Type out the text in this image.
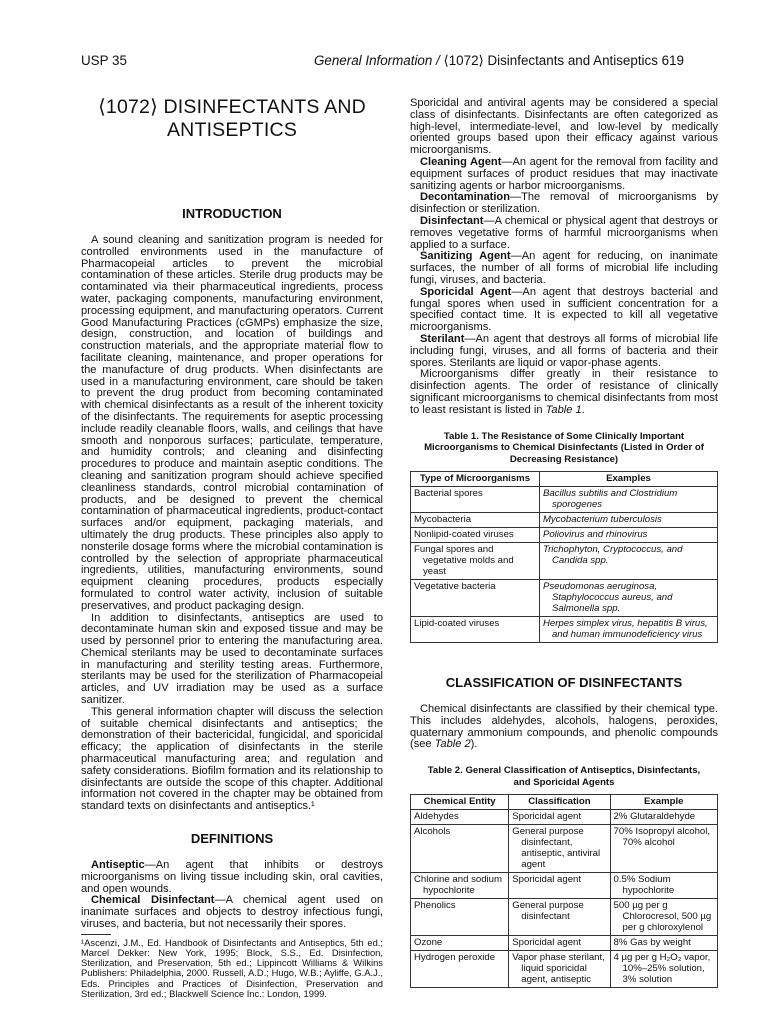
USP 35	General Information / ⟨1072⟩ Disinfectants and Antiseptics 619
⟨1072⟩ DISINFECTANTS AND
ANTISEPTICS
INTRODUCTION

A sound cleaning and sanitization program is needed for controlled environments used in the manufacture of Pharmacopeial articles to prevent the microbial contamination of these articles. Sterile drug products may be contaminated via their pharmaceutical ingredients, process water, packaging components, manufacturing environment, processing equipment, and manufacturing operators. Current Good Manufacturing Practices (cGMPs) emphasize the size, design, construction, and location of buildings and construction materials, and the appropriate material flow to facilitate cleaning, maintenance, and proper operations for the manufacture of drug products. When disinfectants are used in a manufacturing environment, care should be taken to prevent the drug product from becoming contaminated with chemical disinfectants as a result of the inherent toxicity of the disinfectants. The requirements for aseptic processing include readily cleanable floors, walls, and ceilings that have smooth and nonporous surfaces; particulate, temperature, and humidity controls; and cleaning and disinfecting procedures to produce and maintain aseptic conditions. The cleaning and sanitization program should achieve specified cleanliness standards, control microbial contamination of products, and be designed to prevent the chemical contamination of pharmaceutical ingredients, product-contact surfaces and/or equipment, packaging materials, and ultimately the drug products. These principles also apply to nonsterile dosage forms where the microbial contamination is controlled by the selection of appropriate pharmaceutical ingredients, utilities, manufacturing environments, sound equipment cleaning procedures, products especially formulated to control water activity, inclusion of suitable preservatives, and product packaging design.

In addition to disinfectants, antiseptics are used to decontaminate human skin and exposed tissue and may be used by personnel prior to entering the manufacturing area. Chemical sterilants may be used to decontaminate surfaces in manufacturing and sterility testing areas. Furthermore, sterilants may be used for the sterilization of Pharmacopeial articles, and UV irradiation may be used as a surface sanitizer.

This general information chapter will discuss the selection of suitable chemical disinfectants and antiseptics; the demonstration of their bactericidal, fungicidal, and sporicidal efficacy; the application of disinfectants in the sterile pharmaceutical manufacturing area; and regulation and safety considerations. Biofilm formation and its relationship to disinfectants are outside the scope of this chapter. Additional information not covered in the chapter may be obtained from standard texts on disinfectants and antiseptics.¹

DEFINITIONS

Antiseptic—An agent that inhibits or destroys microorganisms on living tissue including skin, oral cavities, and open wounds.

Chemical Disinfectant—A chemical agent used on inanimate surfaces and objects to destroy infectious fungi, viruses, and bacteria, but not necessarily their spores.

¹Ascenzi, J.M., Ed. Handbook of Disinfectants and Antiseptics, 5th ed.; Marcel Dekker: New York, 1995; Block, S.S., Ed. Disinfection, Sterilization, and Preservation, 5th ed.; Lippincott Williams & Wilkins Publishers: Philadelphia, 2000. Russell, A.D.; Hugo, W.B.; Ayliffe, G.A.J., Eds. Principles and Practices of Disinfection, Preservation and Sterilization, 3rd ed.; Blackwell Science Inc.: London, 1999.

Sporicidal and antiviral agents may be considered a special class of disinfectants. Disinfectants are often categorized as high-level, intermediate-level, and low-level by medically oriented groups based upon their efficacy against various microorganisms.

Cleaning Agent—An agent for the removal from facility and equipment surfaces of product residues that may inactivate sanitizing agents or harbor microorganisms.

Decontamination—The removal of microorganisms by disinfection or sterilization.

Disinfectant—A chemical or physical agent that destroys or removes vegetative forms of harmful microorganisms when applied to a surface.

Sanitizing Agent—An agent for reducing, on inanimate surfaces, the number of all forms of microbial life including fungi, viruses, and bacteria.

Sporicidal Agent—An agent that destroys bacterial and fungal spores when used in sufficient concentration for a specified contact time. It is expected to kill all vegetative microorganisms.

Sterilant—An agent that destroys all forms of microbial life including fungi, viruses, and all forms of bacteria and their spores. Sterilants are liquid or vapor-phase agents.

Microorganisms differ greatly in their resistance to disinfection agents. The order of resistance of clinically significant microorganisms to chemical disinfectants from most to least resistant is listed in Table 1.

Table 1. The Resistance of Some Clinically Important Microorganisms to Chemical Disinfectants (Listed in Order of Decreasing Resistance)
Type of Microorganisms	Examples
Bacterial spores	Bacillus subtilis and Clostridium sporogenes
Mycobacteria	Mycobacterium tuberculosis
Nonlipid-coated viruses	Poliovirus and rhinovirus
Fungal spores and vegetative molds and yeast	Trichophyton, Cryptococcus, and Candida spp.
Vegetative bacteria	Pseudomonas aeruginosa, Staphylococcus aureus, and Salmonella spp.
Lipid-coated viruses	Herpes simplex virus, hepatitis B virus, and human immunodeficiency virus
CLASSIFICATION OF DISINFECTANTS

Chemical disinfectants are classified by their chemical type. This includes aldehydes, alcohols, halogens, peroxides, quaternary ammonium compounds, and phenolic compounds (see Table 2).

Table 2. General Classification of Antiseptics, Disinfectants, and Sporicidal Agents
Chemical Entity	Classification	Example
Aldehydes	Sporicidal agent	2% Glutaraldehyde
Alcohols	General purpose disinfectant, antiseptic, antiviral agent	70% Isopropyl alcohol, 70% alcohol
Chlorine and sodium hypochlorite	Sporicidal agent	0.5% Sodium hypochlorite
Phenolics	General purpose disinfectant	500 µg per g Chlorocresol, 500 µg per g chloroxylenol
Ozone	Sporicidal agent	8% Gas by weight
Hydrogen peroxide	Vapor phase sterilant, liquid sporicidal agent, antiseptic	4 µg per g H₂O₂ vapor, 10%–25% solution, 3% solution
